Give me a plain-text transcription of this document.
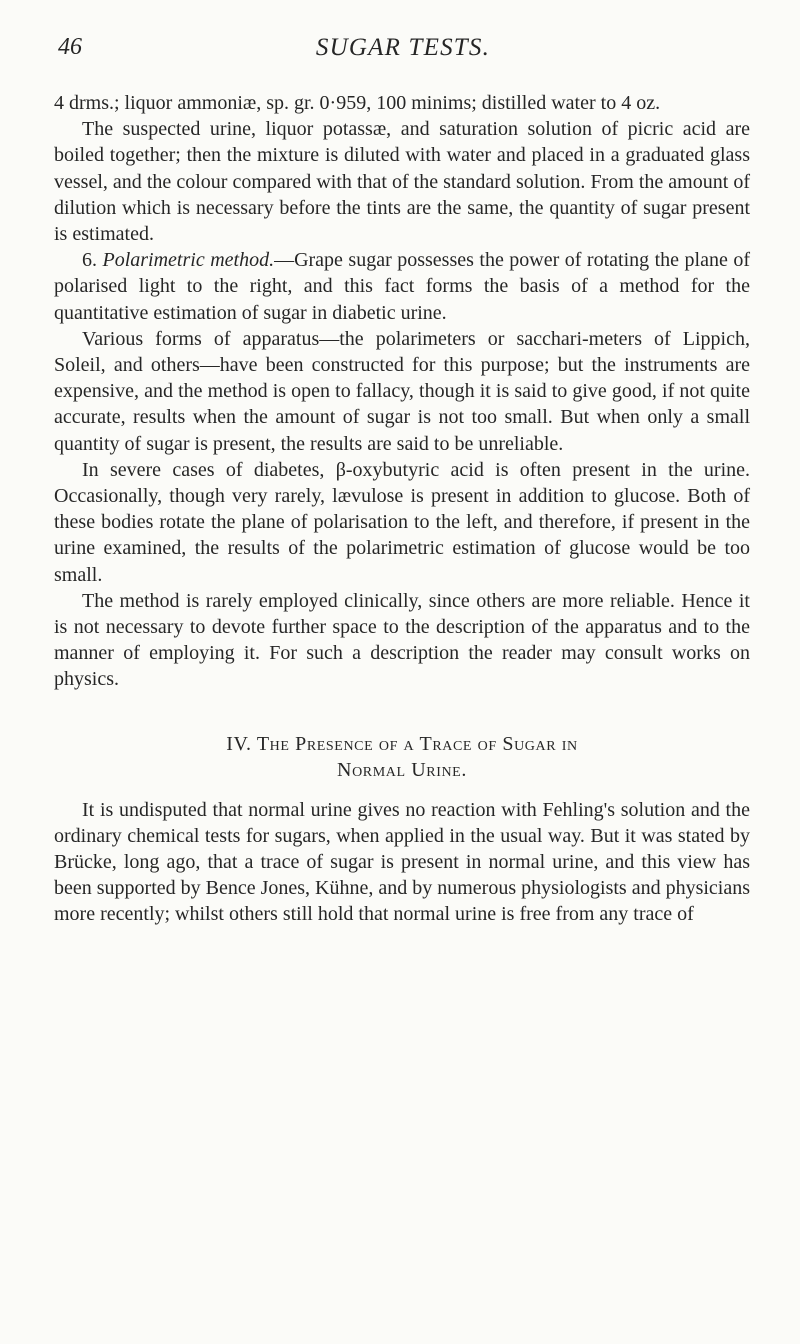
46	SUGAR TESTS.

4 drms.; liquor ammoniæ, sp. gr. 0·959, 100 minims; distilled water to 4 oz.

The suspected urine, liquor potassæ, and saturation solution of picric acid are boiled together; then the mixture is diluted with water and placed in a graduated glass vessel, and the colour compared with that of the standard solution. From the amount of dilution which is necessary before the tints are the same, the quantity of sugar present is estimated.

6. Polarimetric method.—Grape sugar possesses the power of rotating the plane of polarised light to the right, and this fact forms the basis of a method for the quantitative estimation of sugar in diabetic urine.

Various forms of apparatus—the polarimeters or sacchari-meters of Lippich, Soleil, and others—have been constructed for this purpose; but the instruments are expensive, and the method is open to fallacy, though it is said to give good, if not quite accurate, results when the amount of sugar is not too small. But when only a small quantity of sugar is present, the results are said to be unreliable.

In severe cases of diabetes, β-oxybutyric acid is often present in the urine. Occasionally, though very rarely, lævulose is present in addition to glucose. Both of these bodies rotate the plane of polarisation to the left, and therefore, if present in the urine examined, the results of the polarimetric estimation of glucose would be too small.

The method is rarely employed clinically, since others are more reliable. Hence it is not necessary to devote further space to the description of the apparatus and to the manner of employing it. For such a description the reader may consult works on physics.

IV. The Presence of a Trace of Sugar in
Normal Urine.

It is undisputed that normal urine gives no reaction with Fehling's solution and the ordinary chemical tests for sugars, when applied in the usual way. But it was stated by Brücke, long ago, that a trace of sugar is present in normal urine, and this view has been supported by Bence Jones, Kühne, and by numerous physiologists and physicians more recently; whilst others still hold that normal urine is free from any trace of
